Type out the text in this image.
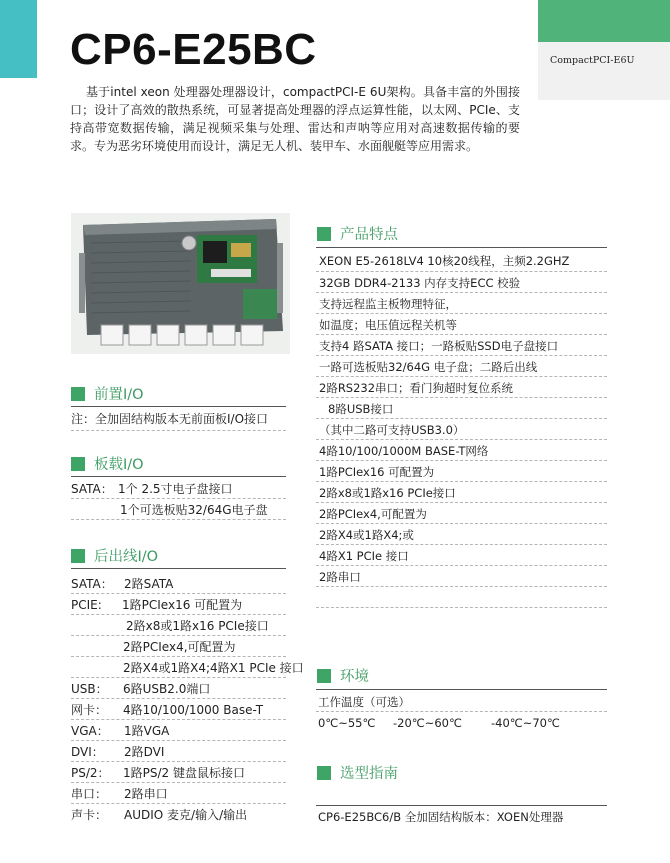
CompactPCI-E6U
CP6-E25BC
基于intel xeon 处理器处理器设计，compactPCI-E 6U架构。具备丰富的外围接口；设计了高效的散热系统，可显著提高处理器的浮点运算性能，以太网、PCIe、支持高带宽数据传输，满足视频采集与处理、雷达和声呐等应用对高速数据传输的要求。专为恶劣环境使用而设计，满足无人机、装甲车、水面舰艇等应用需求。
产品特点
XEON E5-2618LV4 10核20线程，主频2.2GHZ
32GB DDR4-2133 内存支持ECC 校验
支持远程监主板物理特征，
如温度；电压值远程关机等
支持4 路SATA 接口；一路板贴SSD电子盘接口
一路可选板贴32/64G 电子盘；二路后出线
2路RS232串口；看门狗超时复位系统
8路USB接口
（其中二路可支持USB3.0）
4路10/100/1000M BASE-T网络
1路PCIex16 可配置为
2路x8或1路x16 PCIe接口
2路PCIex4,可配置为
2路X4或1路X4;或
4路X1 PCIe 接口
2路串口
环境
工作温度（可选）
0℃~55℃ -20℃~60℃	-40℃~70℃
选型指南
CP6-E25BC6/B 全加固结构版本：XOEN处理器
前置I/O
注：全加固结构版本无前面板I/O接口
板载I/O
SATA： 1个 2.5寸电子盘接口
1个可选板贴32/64G电子盘
后出线I/O
SATA： 2路SATA
PCIE: 1路PCIex16 可配置为
2路x8或1路x16 PCIe接口
2路PCIex4,可配置为
2路X4或1路X4;4路X1 PCIe 接口
USB： 6路USB2.0端口
网卡： 4路10/100/1000 Base-T
VGA： 1路VGA
DVI： 2路DVI
PS/2： 1路PS/2 键盘鼠标接口
串口： 2路串口
声卡： AUDIO 麦克/输入/输出
